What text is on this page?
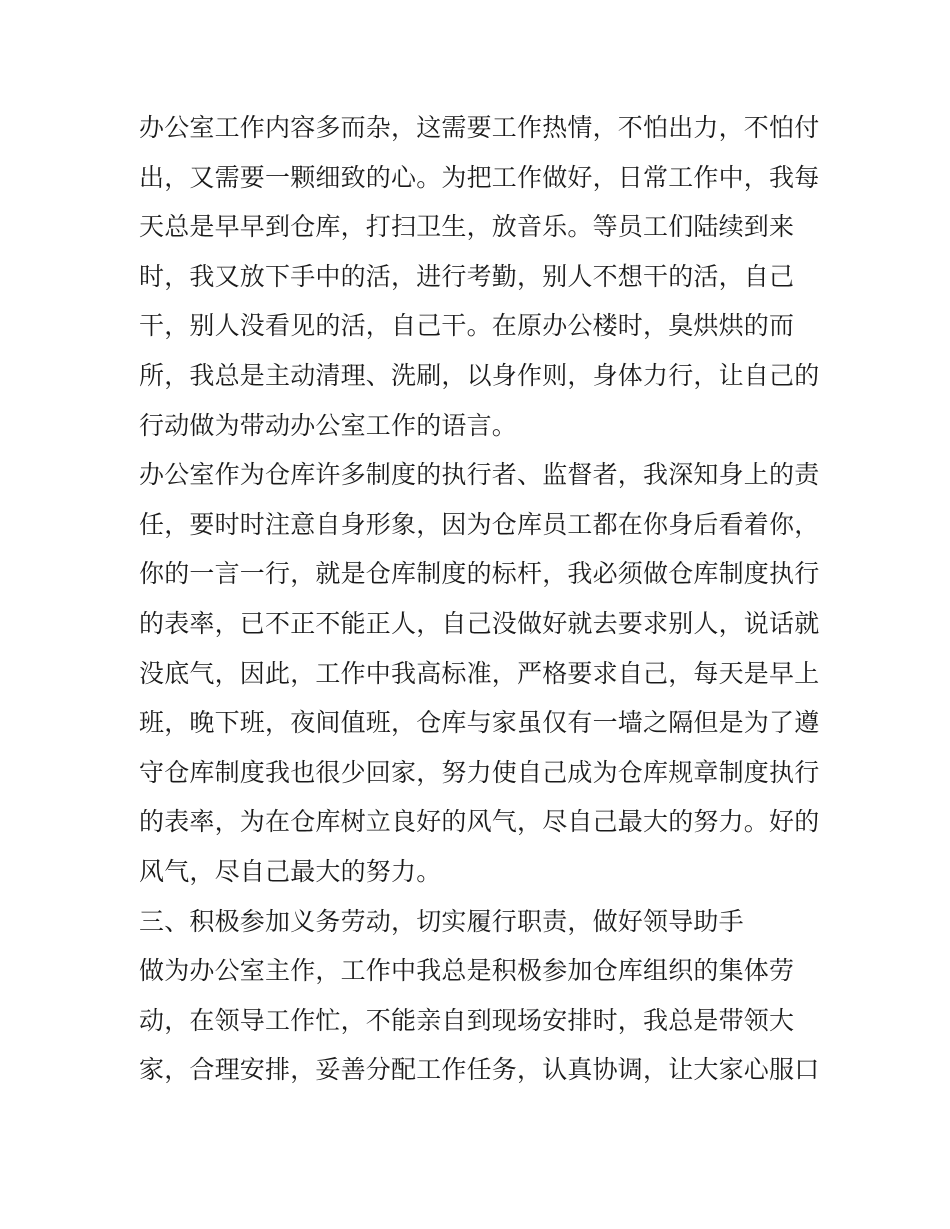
办公室工作内容多而杂，这需要工作热情，不怕出力，不怕付
出，又需要一颗细致的心。为把工作做好，日常工作中，我每
天总是早早到仓库，打扫卫生，放音乐。等员工们陆续到来
时，我又放下手中的活，进行考勤，别人不想干的活，自己
干，别人没看见的活，自己干。在原办公楼时，臭烘烘的而
所，我总是主动清理、洗刷，以身作则，身体力行，让自己的
行动做为带动办公室工作的语言。
办公室作为仓库许多制度的执行者、监督者，我深知身上的责
任，要时时注意自身形象，因为仓库员工都在你身后看着你，
你的一言一行，就是仓库制度的标杆，我必须做仓库制度执行
的表率，已不正不能正人，自己没做好就去要求别人，说话就
没底气，因此，工作中我高标准，严格要求自己，每天是早上
班，晚下班，夜间值班，仓库与家虽仅有一墙之隔但是为了遵
守仓库制度我也很少回家，努力使自己成为仓库规章制度执行
的表率，为在仓库树立良好的风气，尽自己最大的努力。好的
风气，尽自己最大的努力。
三、积极参加义务劳动，切实履行职责，做好领导助手
做为办公室主作，工作中我总是积极参加仓库组织的集体劳
动，在领导工作忙，不能亲自到现场安排时，我总是带领大
家，合理安排，妥善分配工作任务，认真协调，让大家心服口
